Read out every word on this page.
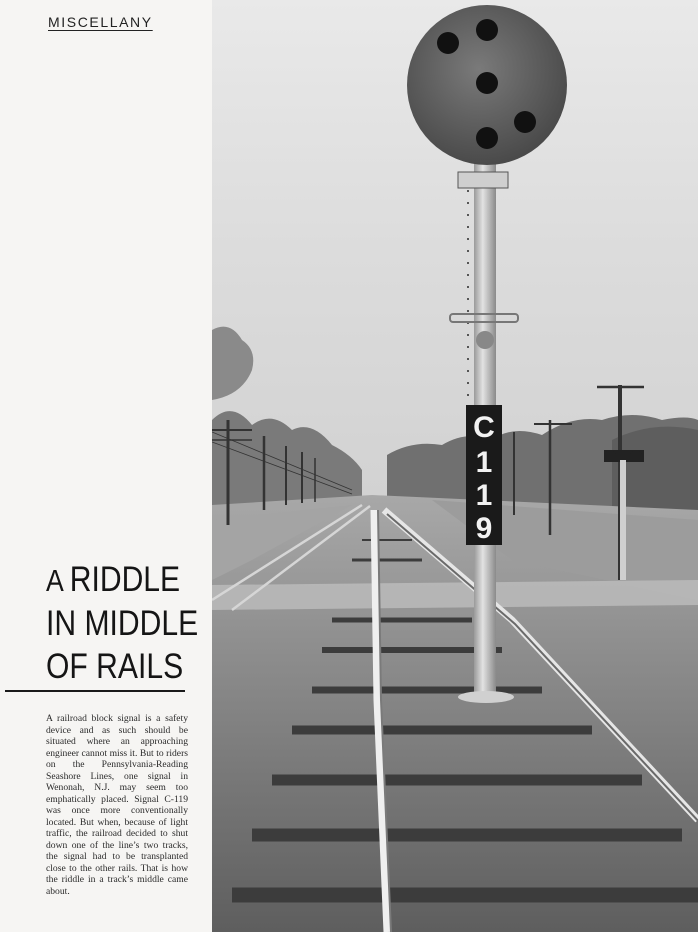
MISCELLANY
A RIDDLE
IN MIDDLE
OF RAILS
A railroad block signal is a safety device and as such should be situated where an approaching engineer cannot miss it. But to riders on the Pennsylvania-Reading Seashore Lines, one signal in Wenonah, N.J. may seem too emphatically placed. Signal C-119 was once more conventionally located. But when, because of light traffic, the railroad decided to shut down one of the line’s two tracks, the signal had to be transplanted close to the other rails. That is how the riddle in a track’s middle came about.
C
1
1
9
